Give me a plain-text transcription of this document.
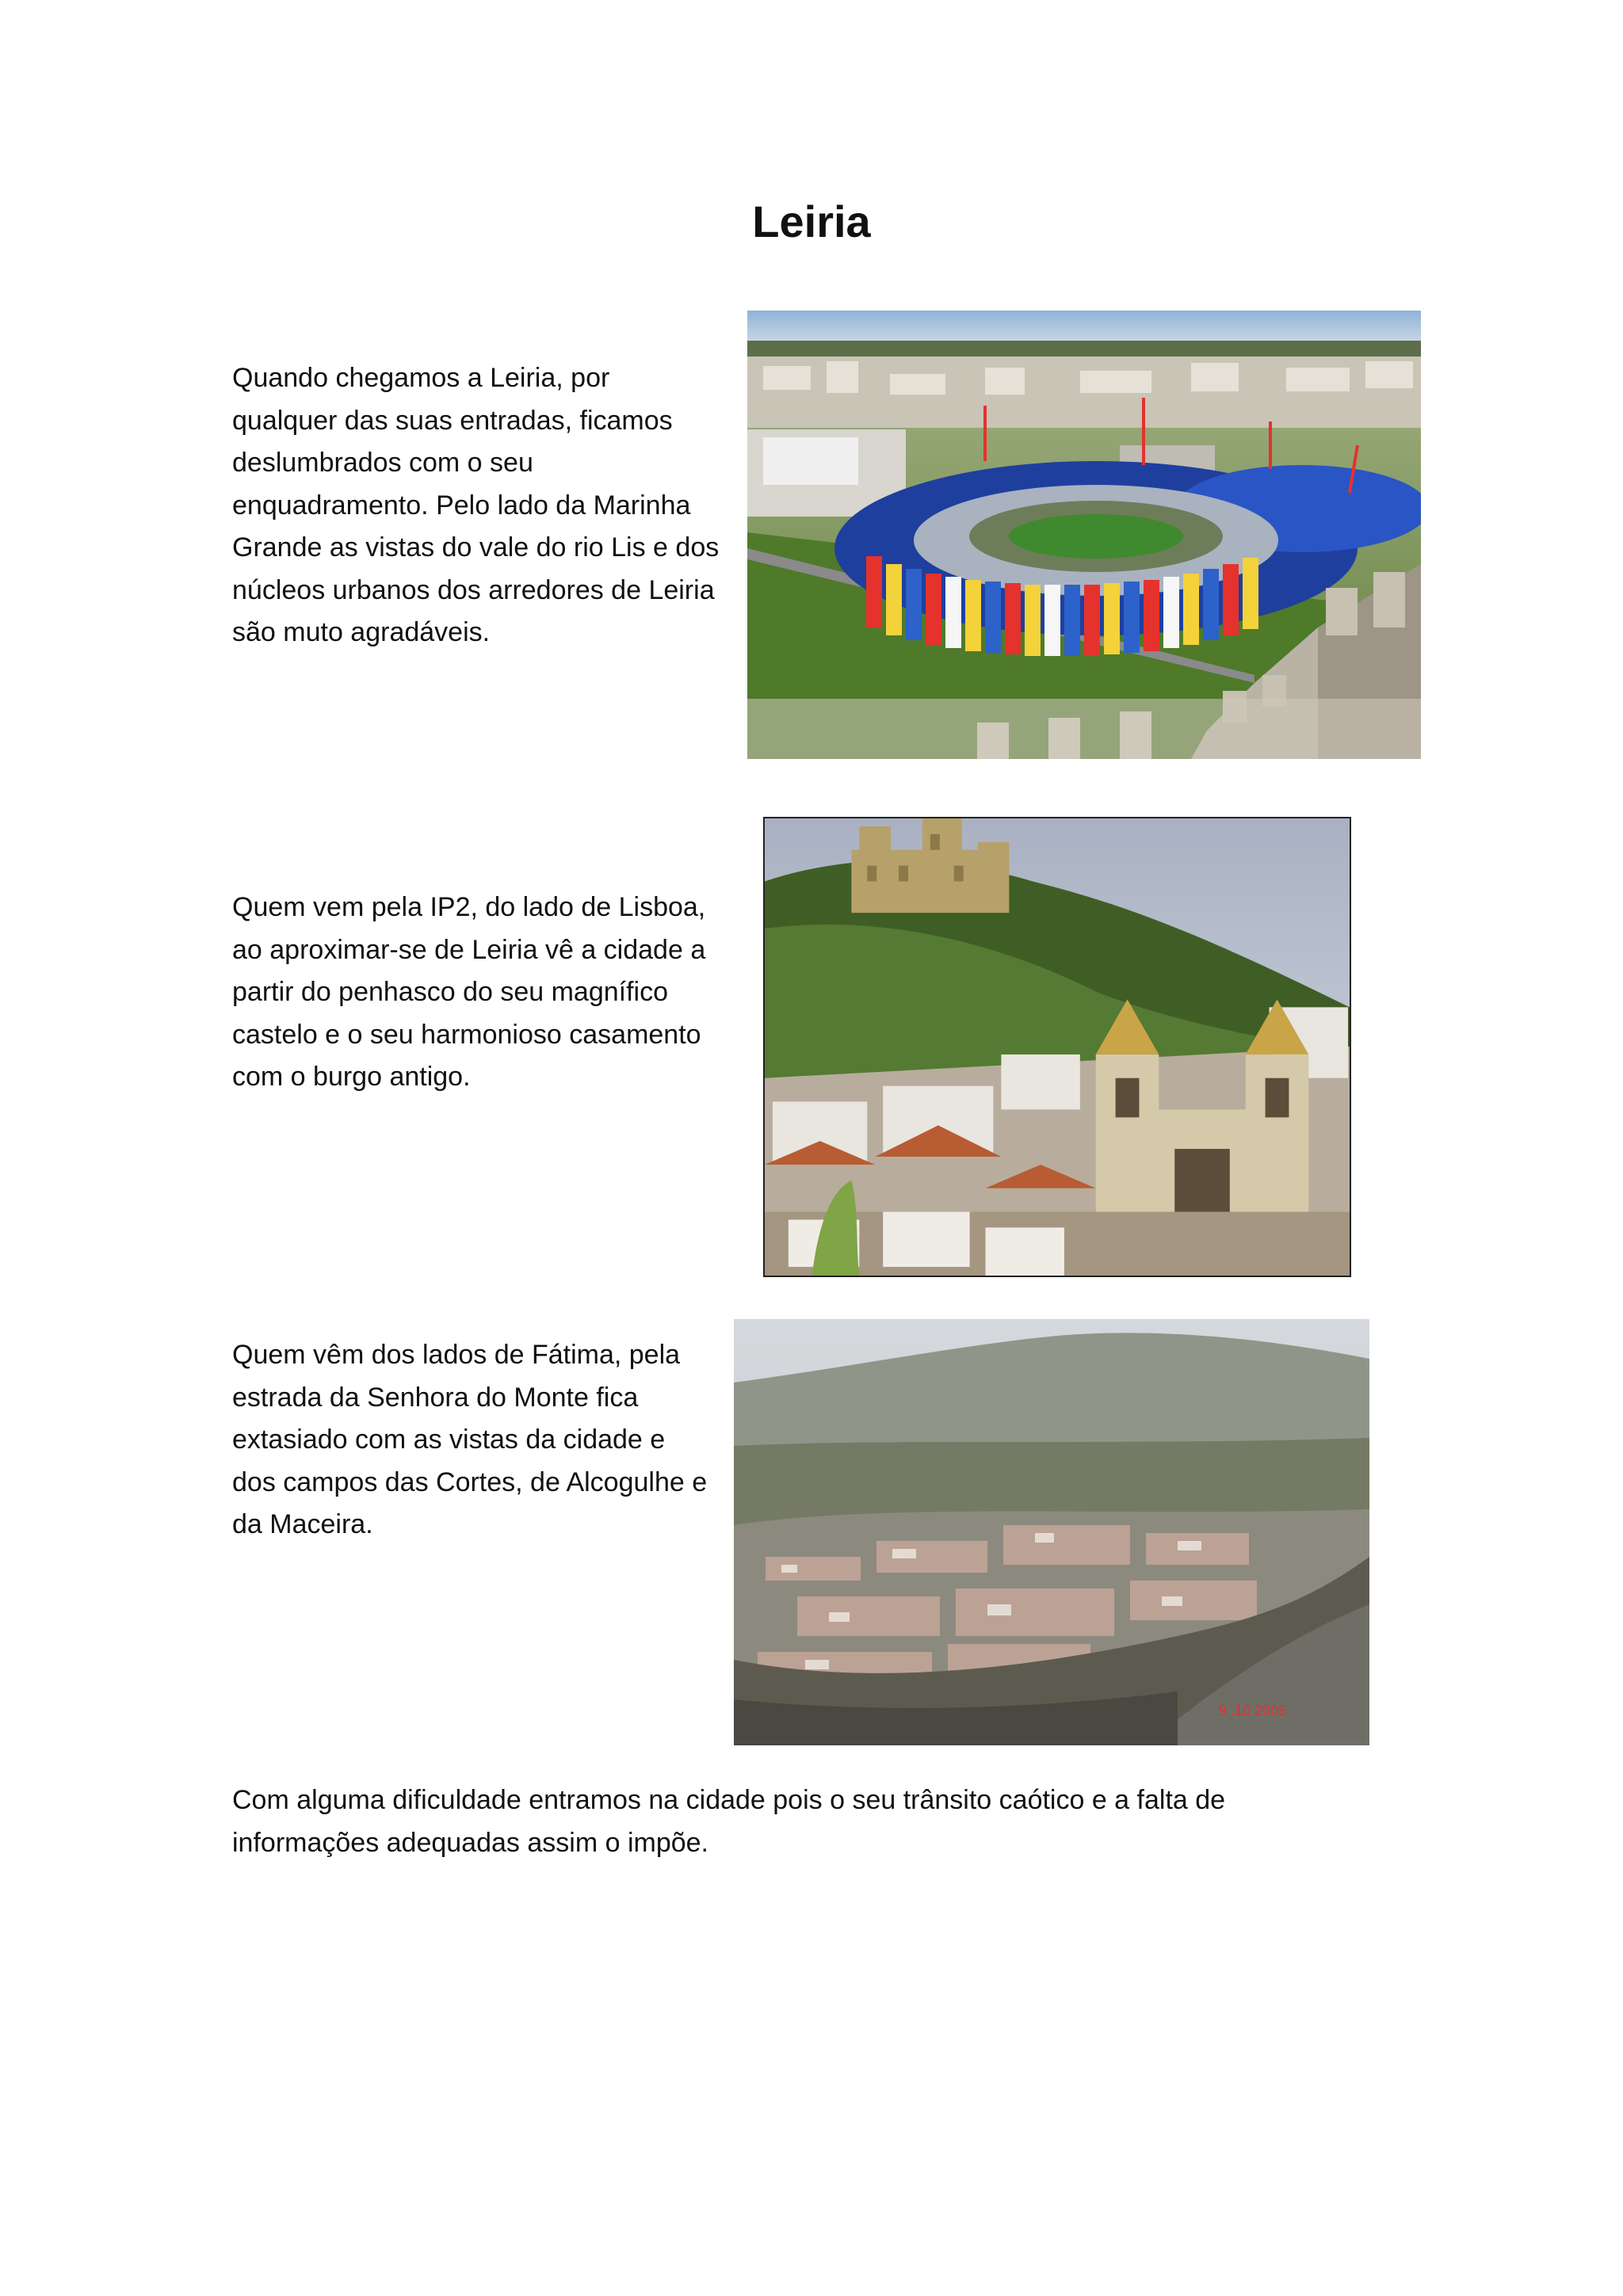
Leiria
Quando chegamos a Leiria, por
qualquer das suas entradas, ficamos
deslumbrados com o seu
enquadramento. Pelo lado da Marinha
Grande as vistas do vale do rio Lis e dos
núcleos urbanos dos arredores de Leiria
são muto agradáveis.
Quem vem pela IP2, do lado de Lisboa,
ao aproximar-se de Leiria vê a cidade a
partir do penhasco do seu magnífico
castelo e o seu harmonioso casamento
com o burgo antigo.
Quem vêm dos lados de Fátima, pela
estrada da Senhora do Monte fica
extasiado com as vistas da cidade e
dos campos das Cortes, de Alcogulhe e
da Maceira.
9 .10 2005
Com alguma dificuldade entramos na cidade pois o seu trânsito caótico e a falta de
informações adequadas assim o impõe.
